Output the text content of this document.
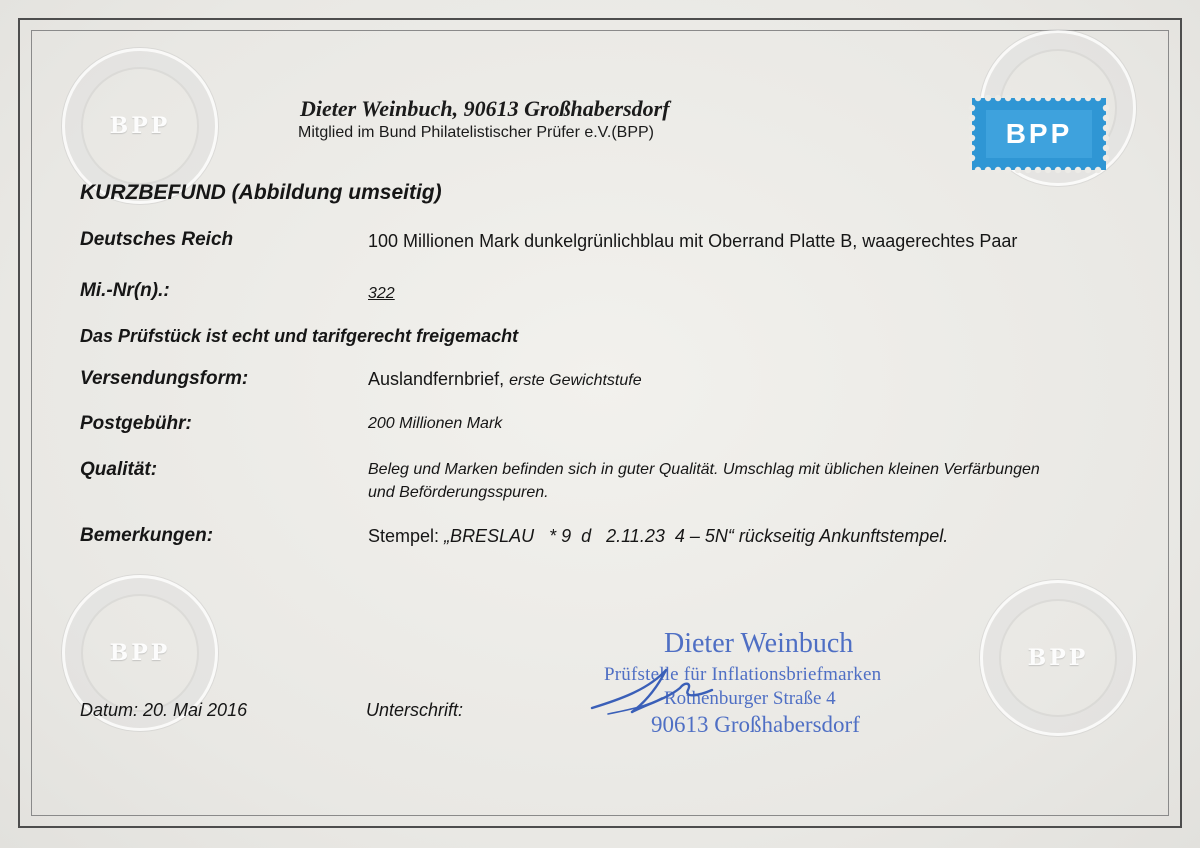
BPP
BPP	BPP
Dieter Weinbuch, 90613 Großhabersdorf
Mitglied im Bund Philatelistischer Prüfer e.V.(BPP)	BPP
KURZBEFUND (Abbildung umseitig)
Deutsches Reich	100 Millionen Mark dunkelgrünlichblau mit Oberrand Platte B, waagerechtes Paar
Mi.-Nr(n).:	322
Das Prüfstück ist echt und tarifgerecht freigemacht
Versendungsform:	Auslandfernbrief, erste Gewichtstufe
Postgebühr:	200 Millionen Mark
Qualität:	Beleg und Marken befinden sich in guter Qualität. Umschlag mit üblichen kleinen Verfärbungen
und Beförderungsspuren.
Bemerkungen:	Stempel: „BRESLAU   * 9  d   2.11.23  4 – 5N“ rückseitig Ankunftstempel.
Dieter Weinbuch
Prüfstelle für Inflationsbriefmarken
Rothenburger Straße 4
90613 Großhabersdorf
Datum: 20. Mai 2016	Unterschrift:
